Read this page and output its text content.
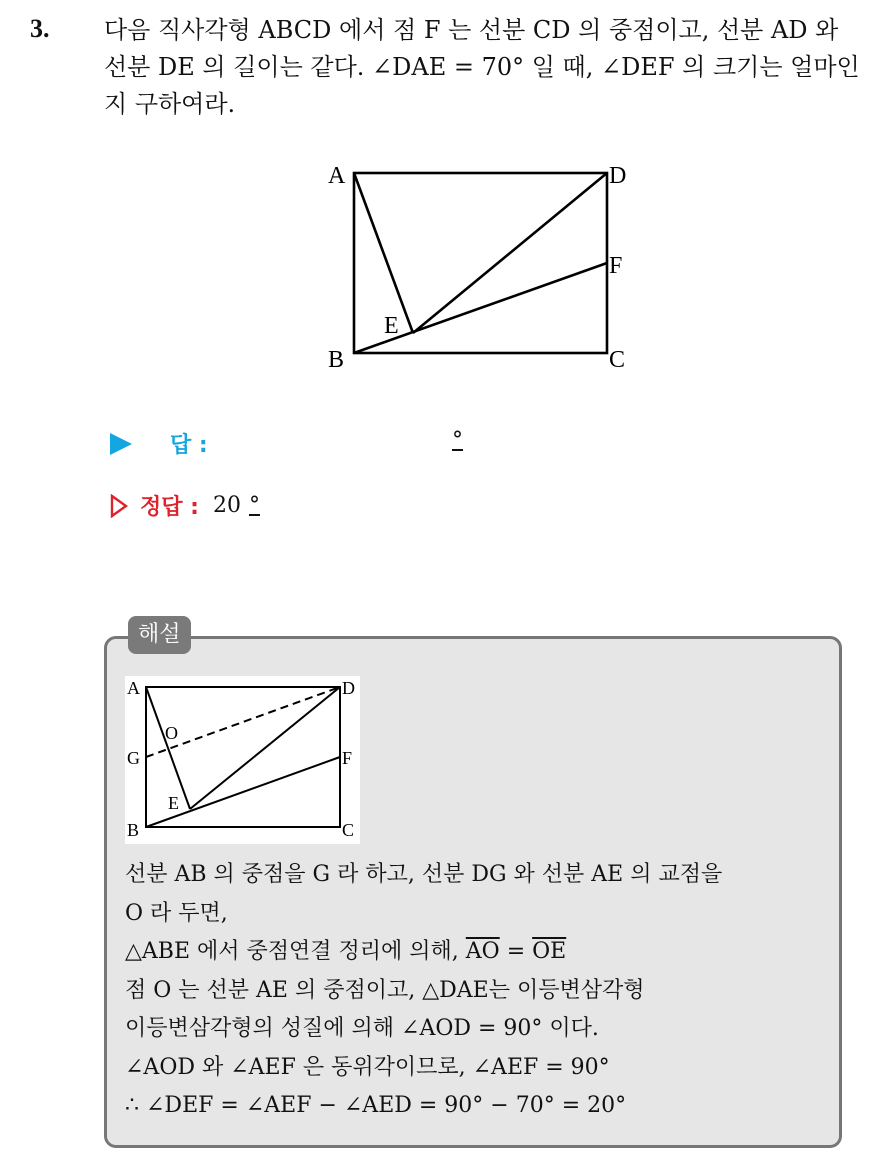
3. 다음 직사각형 ABCD 에서 점 F 는 선분 CD 의 중점이고, 선분 AD 와 선분 DE 의 길이는 같다. ∠DAE = 70° 일 때, ∠DEF 의 크기는 얼마인지 구하여라.
A	D
F
E
B	C
답 :	°
정답 : 20 °
해설
A	D
G
O
F
E
B	C
선분 AB 의 중점을 G 라 하고, 선분 DG 와 선분 AE 의 교점을
O 라 두면,
△ABE 에서 중점연결 정리에 의해, $\overline{AO} = \overline{OE}$
점 O 는 선분 AE 의 중점이고, △DAE는 이등변삼각형
이등변삼각형의 성질에 의해 ∠AOD = 90° 이다.
∠AOD 와 ∠AEF 은 동위각이므로, ∠AEF = 90°
∴ ∠DEF = ∠AEF − ∠AED = 90° − 70° = 20°
